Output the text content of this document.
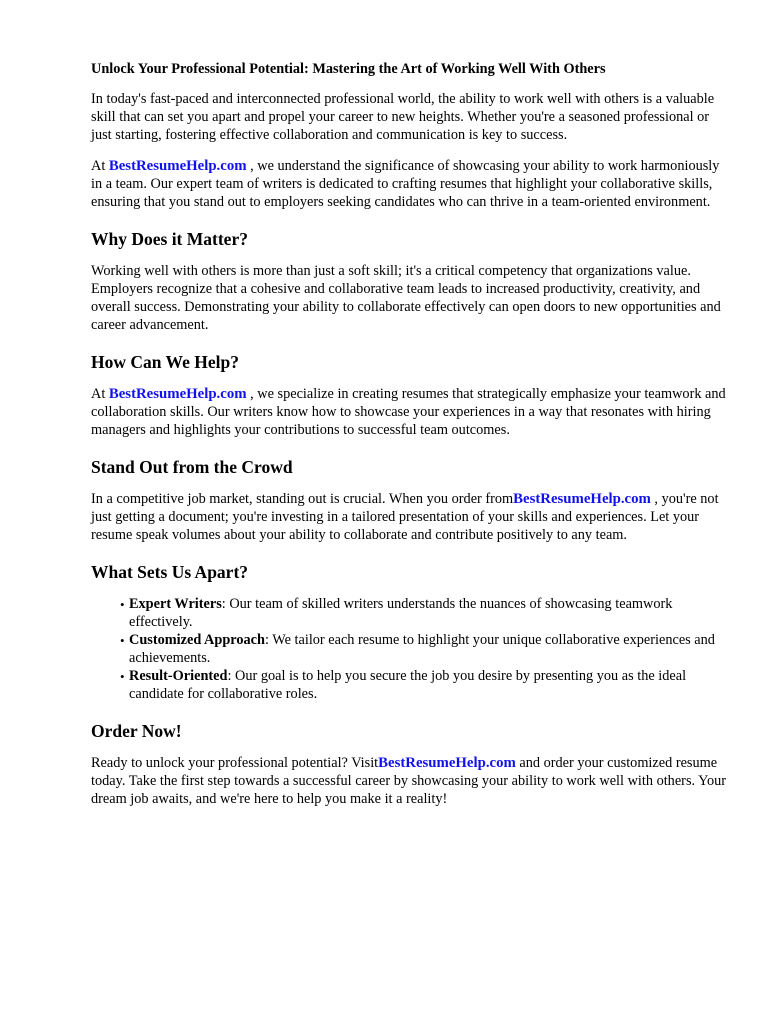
Unlock Your Professional Potential: Mastering the Art of Working Well With Others

In today's fast-paced and interconnected professional world, the ability to work well with others is a valuable skill that can set you apart and propel your career to new heights. Whether you're a seasoned professional or just starting, fostering effective collaboration and communication is key to success.

At BestResumeHelp.com , we understand the significance of showcasing your ability to work harmoniously in a team. Our expert team of writers is dedicated to crafting resumes that highlight your collaborative skills, ensuring that you stand out to employers seeking candidates who can thrive in a team-oriented environment.

Why Does it Matter?

Working well with others is more than just a soft skill; it's a critical competency that organizations value. Employers recognize that a cohesive and collaborative team leads to increased productivity, creativity, and overall success. Demonstrating your ability to collaborate effectively can open doors to new opportunities and career advancement.

How Can We Help?

At BestResumeHelp.com , we specialize in creating resumes that strategically emphasize your teamwork and collaboration skills. Our writers know how to showcase your experiences in a way that resonates with hiring managers and highlights your contributions to successful team outcomes.

Stand Out from the Crowd

In a competitive job market, standing out is crucial. When you order fromBestResumeHelp.com , you're not just getting a document; you're investing in a tailored presentation of your skills and experiences. Let your resume speak volumes about your ability to collaborate and contribute positively to any team.

What Sets Us Apart?
• Expert Writers: Our team of skilled writers understands the nuances of showcasing teamwork effectively.
• Customized Approach: We tailor each resume to highlight your unique collaborative experiences and achievements.
• Result-Oriented: Our goal is to help you secure the job you desire by presenting you as the ideal candidate for collaborative roles.
Order Now!

Ready to unlock your professional potential? VisitBestResumeHelp.com and order your customized resume today. Take the first step towards a successful career by showcasing your ability to work well with others. Your dream job awaits, and we're here to help you make it a reality!
